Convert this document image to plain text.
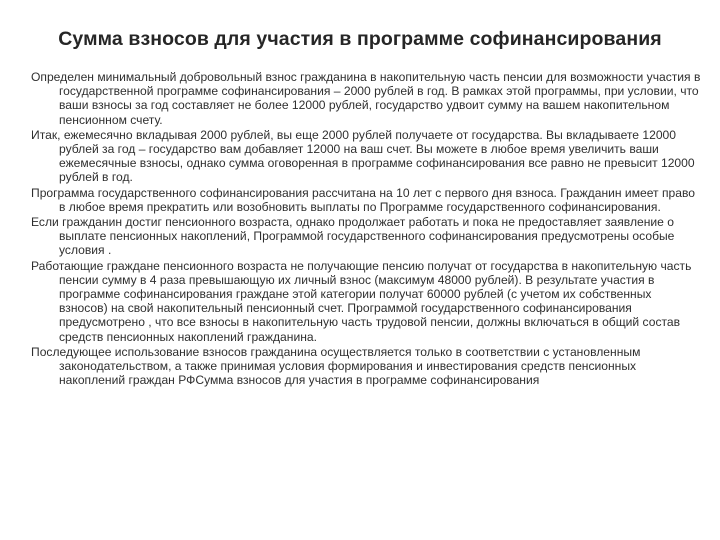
Сумма взносов для участия в программе софинансирования

Определен минимальный добровольный взнос гражданина в накопительную часть пенсии для возможности участия в государственной программе софинансирования – 2000 рублей в год. В рамках этой программы, при условии, что ваши взносы за год составляет не более 12000 рублей, государство удвоит сумму на вашем накопительном пенсионном счету.

Итак, ежемесячно вкладывая 2000 рублей, вы еще 2000 рублей получаете от государства. Вы вкладываете 12000 рублей за год – государство вам добавляет 12000 на ваш счет. Вы можете в любое время увеличить ваши ежемесячные взносы, однако сумма оговоренная в программе софинансирования все равно не превысит 12000 рублей в год.

Программа государственного софинансирования рассчитана на 10 лет с первого дня взноса. Гражданин имеет право в любое время прекратить или возобновить выплаты по Программе государственного софинансирования.

Если гражданин достиг пенсионного возраста, однако продолжает работать и пока не предоставляет заявление о выплате пенсионных накоплений, Программой государственного софинансирования предусмотрены особые условия .

Работающие граждане пенсионного возраста не получающие пенсию получат от государства в накопительную часть пенсии сумму в 4 раза превышающую их личный взнос (максимум 48000 рублей). В результате участия в программе софинансирования граждане этой категории получат 60000 рублей (с учетом их собственных взносов) на свой накопительный пенсионный счет. Программой государственного софинансирования предусмотрено , что все взносы в накопительную часть трудовой пенсии, должны включаться в общий состав средств пенсионных накоплений гражданина.

Последующее использование взносов гражданина осуществляется только в соответствии с установленным законодательством, а также принимая условия формирования и инвестирования средств пенсионных накоплений граждан РФСумма взносов для участия в программе софинансирования
